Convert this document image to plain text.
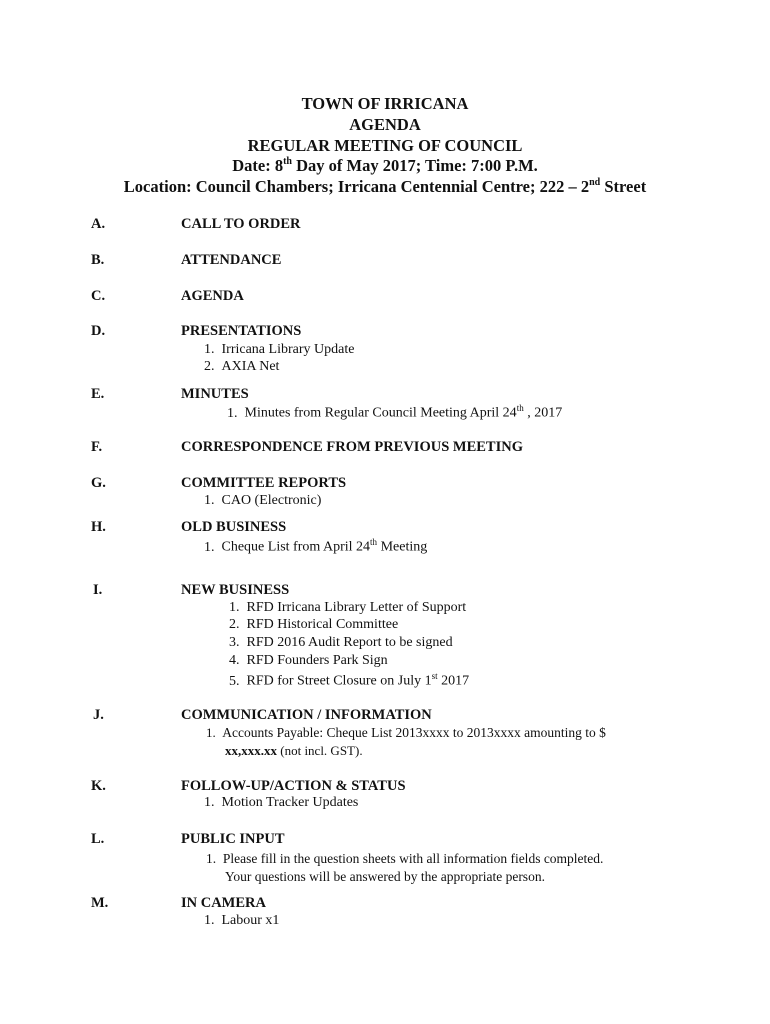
TOWN OF IRRICANA
AGENDA
REGULAR MEETING OF COUNCIL
Date: 8th Day of May 2017; Time: 7:00 P.M.
Location: Council Chambers; Irricana Centennial Centre; 222 – 2nd Street
A.	CALL TO ORDER
B.	ATTENDANCE
C.	AGENDA
D.	PRESENTATIONS
1. Irricana Library Update
2. AXIA Net
E.	MINUTES
1. Minutes from Regular Council Meeting April 24th , 2017
F.	CORRESPONDENCE FROM PREVIOUS MEETING
G.	COMMITTEE REPORTS
1. CAO (Electronic)
H.	OLD BUSINESS
1. Cheque List from April 24th Meeting
I.	NEW BUSINESS
1. RFD Irricana Library Letter of Support
2. RFD Historical Committee
3. RFD 2016 Audit Report to be signed
4. RFD Founders Park Sign
5. RFD for Street Closure on July 1st 2017
J.	COMMUNICATION / INFORMATION
1. Accounts Payable: Cheque List 2013xxxx to 2013xxxx amounting to $
xx,xxx.xx (not incl. GST).
K.	FOLLOW-UP/ACTION & STATUS
1. Motion Tracker Updates
L.	PUBLIC INPUT
1. Please fill in the question sheets with all information fields completed.
Your questions will be answered by the appropriate person.
M.	IN CAMERA
1. Labour x1
